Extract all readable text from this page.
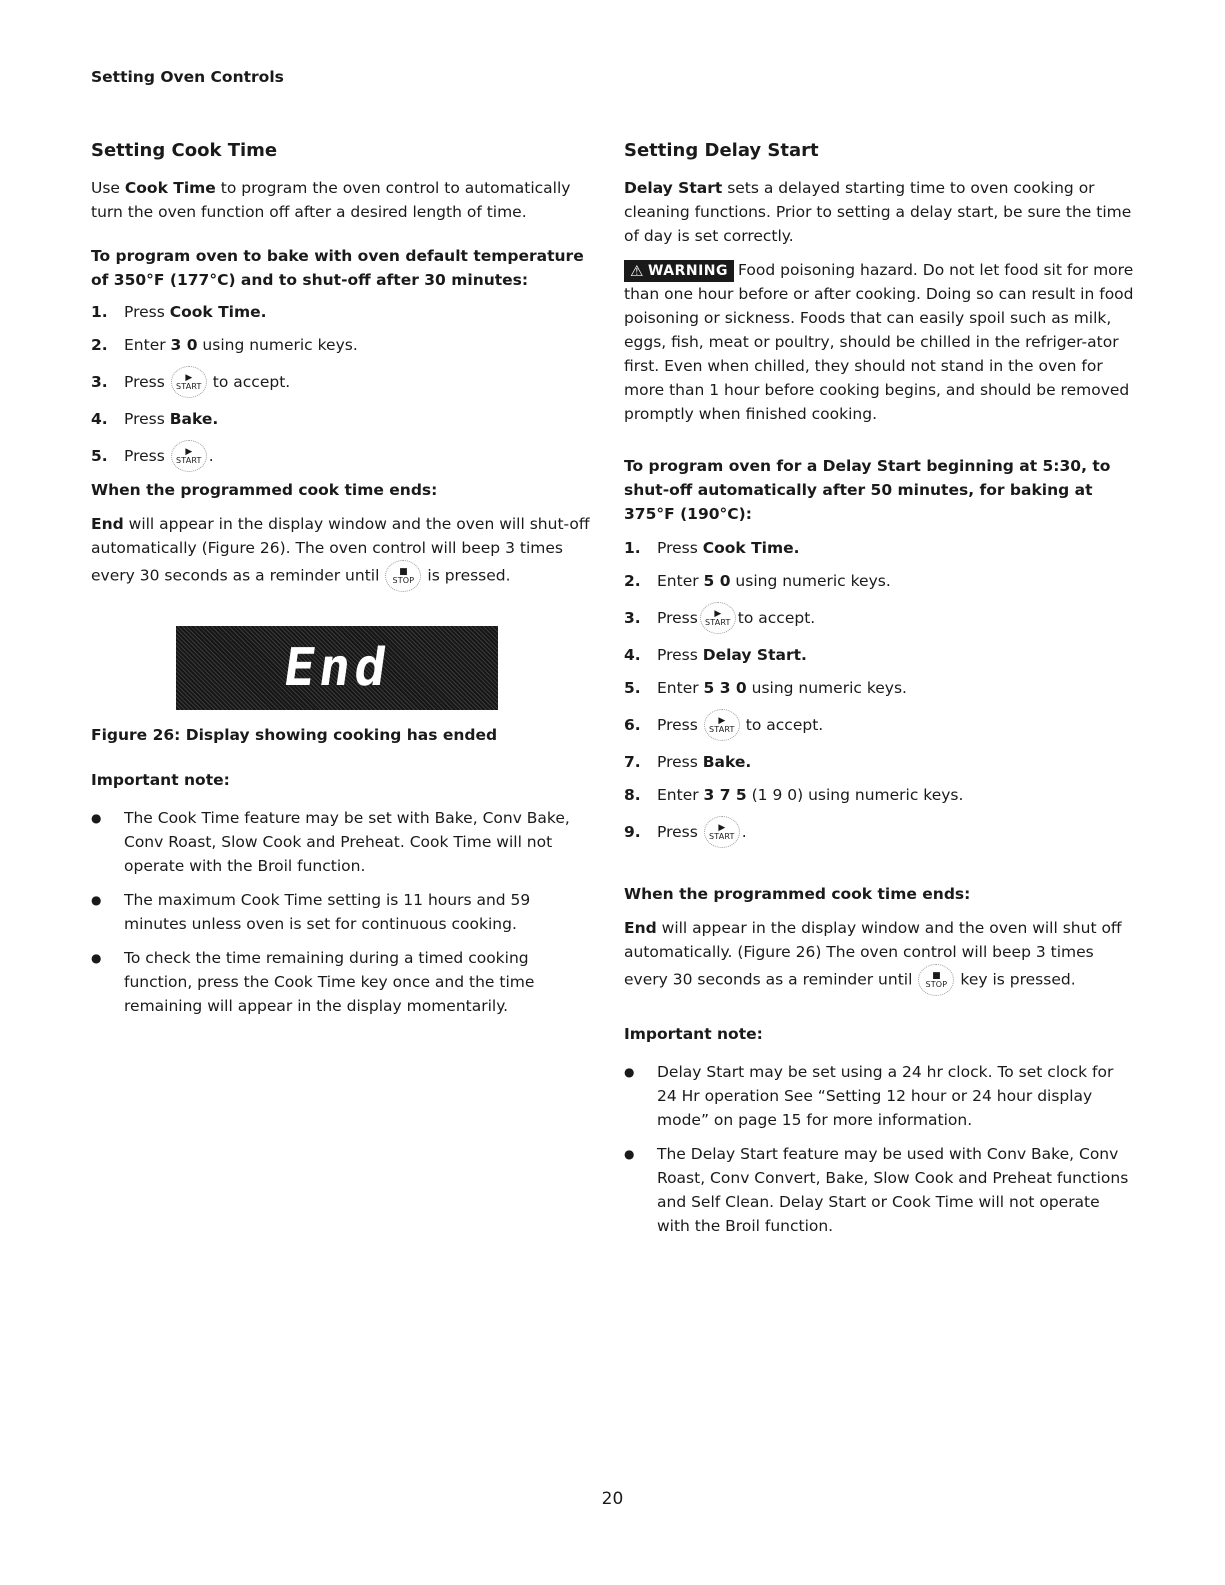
Setting Oven Controls
Setting Cook Time

Use Cook Time to program the oven control to automatically turn the oven function off after a desired length of time.

To program oven to bake with oven default temperature of 350°F (177°C) and to shut-off after 30 minutes:

1.	Press Cook Time.
2.	Enter 3 0 using numeric keys.
3.	Press ▶
START to accept.
4.	Press Bake.
5.	Press ▶
START .

When the programmed cook time ends:

End will appear in the display window and the oven will shut-off automatically (Figure 26). The oven control will beep 3 times every 30 seconds as a reminder until ■
STOP is pressed.

End

Figure 26: Display showing cooking has ended

Important note:

●	The Cook Time feature may be set with Bake, Conv Bake, Conv Roast, Slow Cook and Preheat. Cook Time will not operate with the Broil function.
●	The maximum Cook Time setting is 11 hours and 59 minutes unless oven is set for continuous cooking.
●	To check the time remaining during a timed cooking function, press the Cook Time key once and the time remaining will appear in the display momentarily.
Setting Delay Start

Delay Start sets a delayed starting time to oven cooking or cleaning functions. Prior to setting a delay start, be sure the time of day is set correctly.

⚠ WARNING Food poisoning hazard. Do not let food sit for more than one hour before or after cooking. Doing so can result in food poisoning or sickness. Foods that can easily spoil such as milk, eggs, fish, meat or poultry, should be chilled in the refriger-ator first. Even when chilled, they should not stand in the oven for more than 1 hour before cooking begins, and should be removed promptly when finished cooking.

To program oven for a Delay Start beginning at 5:30, to shut-off automatically after 50 minutes, for baking at 375°F (190°C):

1.	Press Cook Time.
2.	Enter 5 0 using numeric keys.
3.	Press ▶
START to accept.
4.	Press Delay Start.
5.	Enter 5 3 0 using numeric keys.
6.	Press ▶
START to accept.
7.	Press Bake.
8.	Enter 3 7 5 (1 9 0) using numeric keys.
9.	Press ▶
START .

When the programmed cook time ends:

End will appear in the display window and the oven will shut off automatically. (Figure 26) The oven control will beep 3 times every 30 seconds as a reminder until ■
STOP key is pressed.

Important note:

●	Delay Start may be set using a 24 hr clock. To set clock for 24 Hr operation See “Setting 12 hour or 24 hour display mode” on page 15 for more information.
●	The Delay Start feature may be used with Conv Bake, Conv Roast, Conv Convert, Bake, Slow Cook and Preheat functions and Self Clean. Delay Start or Cook Time will not operate with the Broil function.
20
